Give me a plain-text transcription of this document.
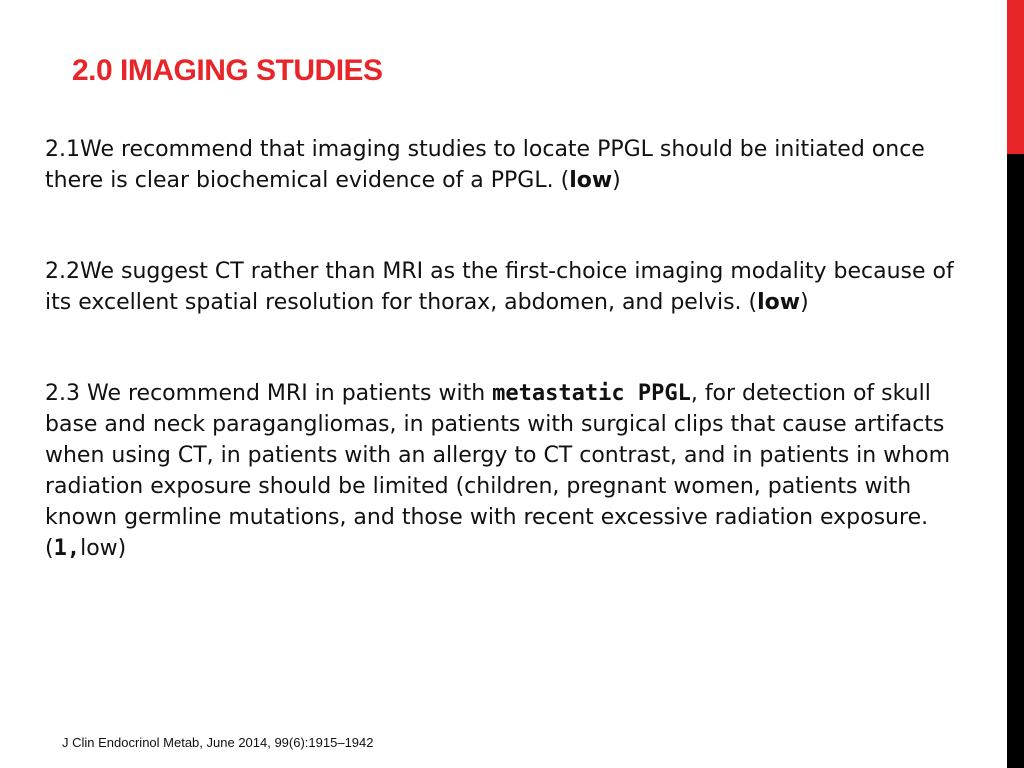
2.0 IMAGING STUDIES

2.1We recommend that imaging studies to locate PPGL should be initiated once there is clear biochemical evidence of a PPGL. (low)

2.2We suggest CT rather than MRI as the first-choice imaging modality because of its excellent spatial resolution for thorax, abdomen, and pelvis. (low)

2.3 We recommend MRI in patients with metastatic PPGL, for detection of skull base and neck paragangliomas, in patients with surgical clips that cause artifacts when using CT, in patients with an allergy to CT contrast, and in patients in whom radiation exposure should be limited (children, pregnant women, patients with known germline mutations, and those with recent excessive radiation exposure. (1,low)

J Clin Endocrinol Metab, June 2014, 99(6):1915–1942
